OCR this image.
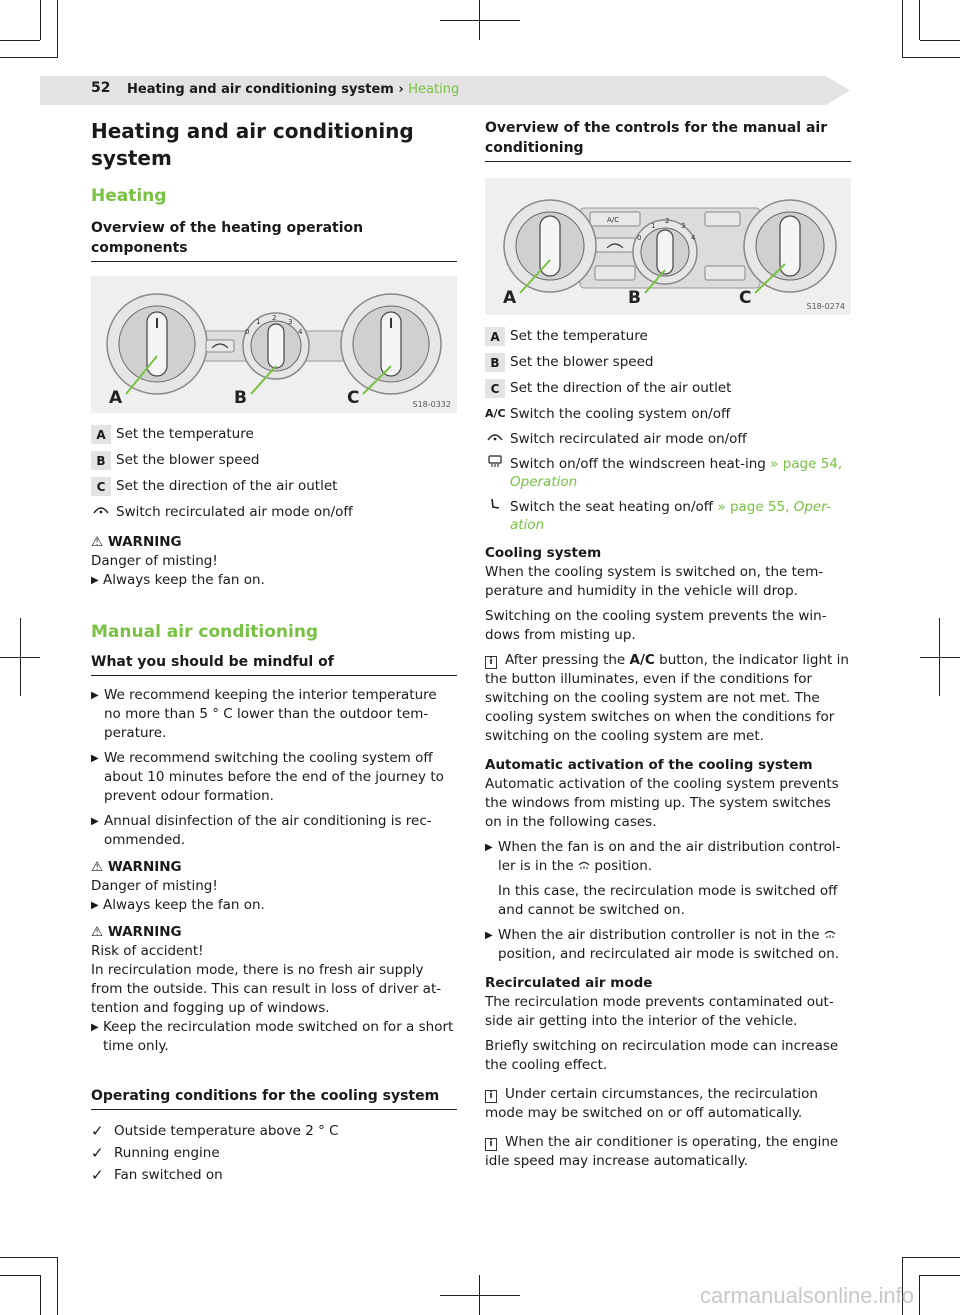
52 Heating and air conditioning system › Heating
Heating and air conditioning system
Heating
Overview of the heating operation components
0
1 2 3
4
A	B	C	S18-0332
A Set the temperature
B Set the blower speed
C Set the direction of the air outlet
Switch recirculated air mode on/off
⚠ WARNING
Danger of misting!
▶ Always keep the fan on.
Manual air conditioning
What you should be mindful of
▶ We recommend keeping the interior temperature no more than 5 ° C lower than the outdoor tem-perature.
▶ We recommend switching the cooling system off about 10 minutes before the end of the journey to prevent odour formation.
▶ Annual disinfection of the air conditioning is rec-ommended.
⚠ WARNING
Danger of misting!
▶ Always keep the fan on.
⚠ WARNING
Risk of accident!
In recirculation mode, there is no fresh air supply from the outside. This can result in loss of driver at-tention and fogging up of windows.
▶ Keep the recirculation mode switched on for a short time only.
Operating conditions for the cooling system
✓ Outside temperature above 2 ° C
✓ Running engine
✓ Fan switched on
Overview of the controls for the manual air conditioning
A/C
0
1
2
3
4
A	B	C	S18-0274
A Set the temperature
B Set the blower speed
C Set the direction of the air outlet
A/C Switch the cooling system on/off
Switch recirculated air mode on/off
Switch on/off the windscreen heat-ing » page 54, Operation
Switch the seat heating on/off » page 55, Oper-ation
Cooling system
When the cooling system is switched on, the tem-perature and humidity in the vehicle will drop.
Switching on the cooling system prevents the win-dows from misting up.
i After pressing the A/C button, the indicator light in the button illuminates, even if the conditions for switching on the cooling system are not met. The cooling system switches on when the conditions for switching on the cooling system are met.
Automatic activation of the cooling system
Automatic activation of the cooling system prevents the windows from misting up. The system switches on in the following cases.
▶ When the fan is on and the air distribution control-ler is in the position.

In this case, the recirculation mode is switched off and cannot be switched on.
▶ When the air distribution controller is not in the  position, and recirculated air mode is switched on.
Recirculated air mode
The recirculation mode prevents contaminated out-side air getting into the interior of the vehicle.
Briefly switching on recirculation mode can increase the cooling effect.
i Under certain circumstances, the recirculation mode may be switched on or off automatically.
i When the air conditioner is operating, the engine idle speed may increase automatically.
carmanualsonline.info
